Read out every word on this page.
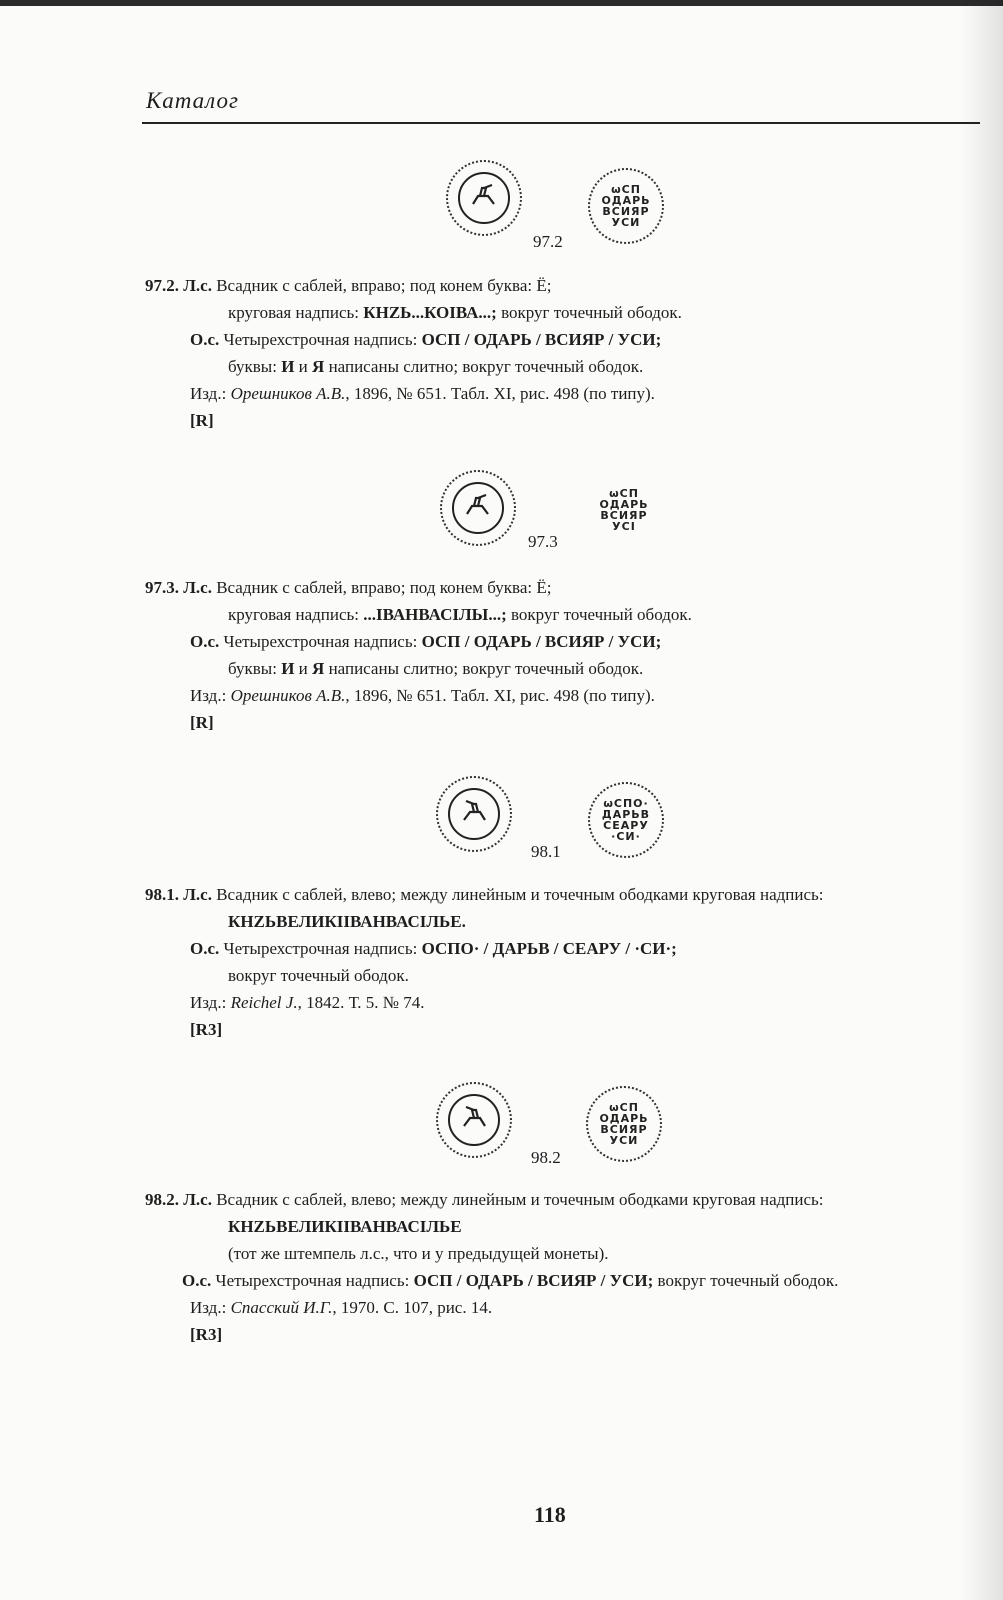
Каталог
ѡСП
ОДАРЬ
ВСИЯР
УСИ
97.2
97.2. Л.с. Всадник с саблей, вправо; под конем буква: Ё;
круговая надпись: КНZЬ...КОІВА...; вокруг точечный ободок.
О.с. Четырехстрочная надпись: ОСП / ОДАРЬ / ВСИЯР / УСИ;
буквы: И и Я написаны слитно; вокруг точечный ободок.
Изд.: Орешников А.В., 1896, № 651. Табл. XI, рис. 498 (по типу).
[R]
ѡСП
ОДАРЬ
ВСИЯР
УСІ
97.3
97.3. Л.с. Всадник с саблей, вправо; под конем буква: Ё;
круговая надпись: ...ІВАНВАСІЛЫ...; вокруг точечный ободок.
О.с. Четырехстрочная надпись: ОСП / ОДАРЬ / ВСИЯР / УСИ;
буквы: И и Я написаны слитно; вокруг точечный ободок.
Изд.: Орешников А.В., 1896, № 651. Табл. XI, рис. 498 (по типу).
[R]
ѡСПО·
ДАРЬВ
СЕАРУ
·СИ·
98.1
98.1. Л.с. Всадник с саблей, влево; между линейным и точечным ободками круговая надпись:
КНZЬВЕЛИКІІВАНВАСІЛЬЕ.
О.с. Четырехстрочная надпись: ОСПО· / ДАРЬВ / СЕАРУ / ·СИ·;
вокруг точечный ободок.
Изд.: Reichel J., 1842. Т. 5. № 74.
[R3]
ѡСП
ОДАРЬ
ВСИЯР
УСИ
98.2
98.2. Л.с. Всадник с саблей, влево; между линейным и точечным ободками круговая надпись:
КНZЬВЕЛИКІІВАНВАСІЛЬЕ
(тот же штемпель л.с., что и у предыдущей монеты).
О.с. Четырехстрочная надпись: ОСП / ОДАРЬ / ВСИЯР / УСИ; вокруг точечный ободок.
Изд.: Спасский И.Г., 1970. С. 107, рис. 14.
[R3]
118
